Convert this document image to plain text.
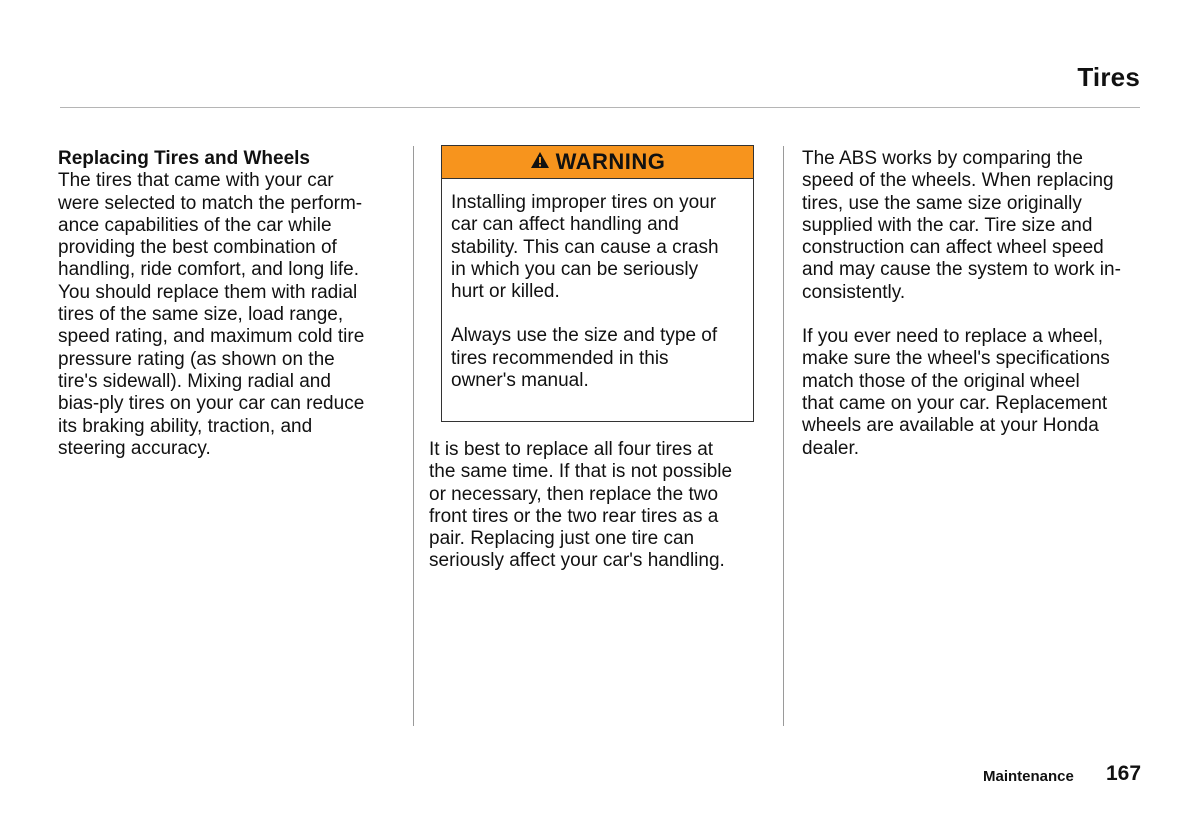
Tires
Replacing Tires and Wheels
The tires that came with your car
were selected to match the perform-
ance capabilities of the car while
providing the best combination of
handling, ride comfort, and long life.
You should replace them with radial
tires of the same size, load range,
speed rating, and maximum cold tire
pressure rating (as shown on the
tire's sidewall). Mixing radial and
bias-ply tires on your car can reduce
its braking ability, traction, and
steering accuracy.
WARNING
Installing improper tires on your
car can affect handling and
stability. This can cause a crash
in which you can be seriously
hurt or killed.
Always use the size and type of
tires recommended in this
owner's manual.
It is best to replace all four tires at
the same time. If that is not possible
or necessary, then replace the two
front tires or the two rear tires as a
pair. Replacing just one tire can
seriously affect your car's handling.
The ABS works by comparing the
speed of the wheels. When replacing
tires, use the same size originally
supplied with the car. Tire size and
construction can affect wheel speed
and may cause the system to work in-
consistently.
If you ever need to replace a wheel,
make sure the wheel's specifications
match those of the original wheel
that came on your car. Replacement
wheels are available at your Honda
dealer.
Maintenance 167
